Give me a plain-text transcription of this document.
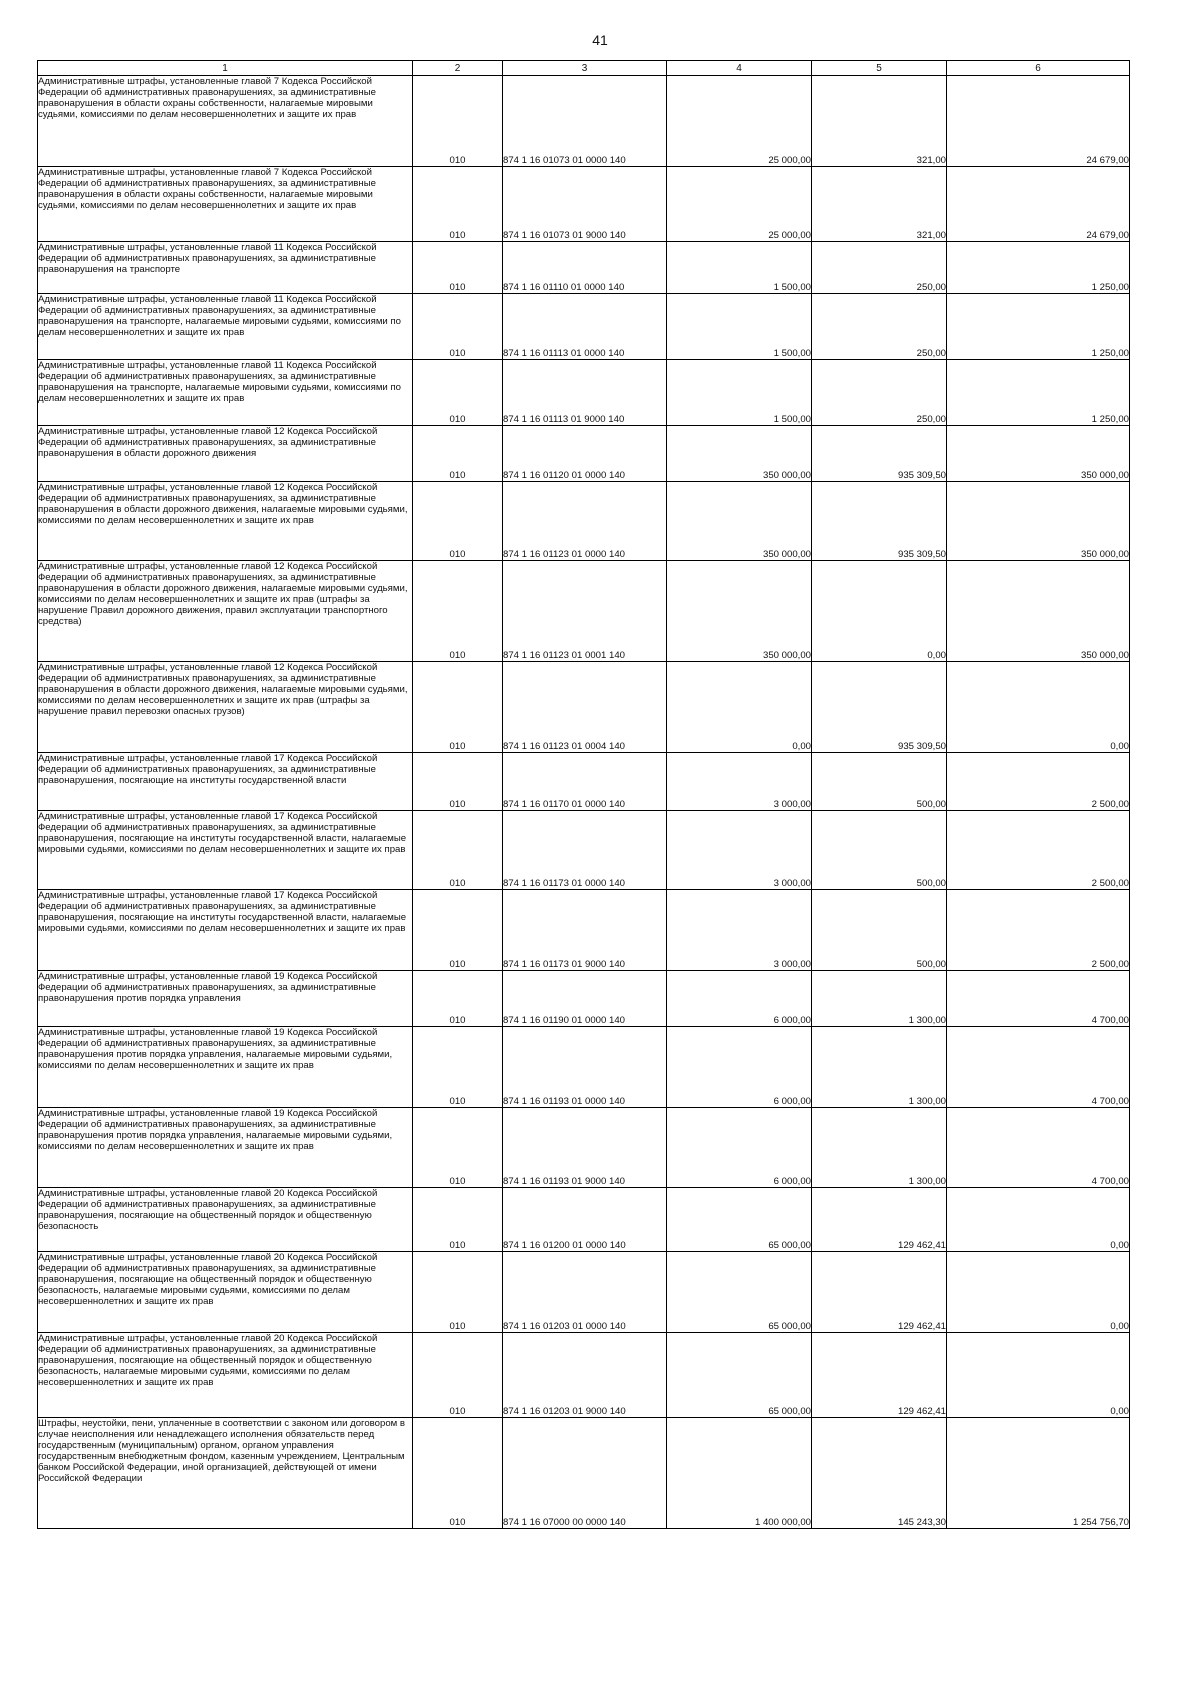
41
1	2	3	4	5	6
Административные штрафы, установленные главой 7 Кодекса Российской Федерации об административных правонарушениях, за административные правонарушения в области охраны собственности, налагаемые мировыми судьями, комиссиями по делам несовершеннолетних и защите их прав	010	874 1 16 01073 01 0000 140	25 000,00	321,00	24 679,00
Административные штрафы, установленные главой 7 Кодекса Российской Федерации об административных правонарушениях, за административные правонарушения в области охраны собственности, налагаемые мировыми судьями, комиссиями по делам несовершеннолетних и защите их прав	010	874 1 16 01073 01 9000 140	25 000,00	321,00	24 679,00
Административные штрафы, установленные главой 11 Кодекса Российской Федерации об административных правонарушениях, за административные правонарушения на транспорте	010	874 1 16 01110 01 0000 140	1 500,00	250,00	1 250,00
Административные штрафы, установленные главой 11 Кодекса Российской Федерации об административных правонарушениях, за административные правонарушения на транспорте, налагаемые мировыми судьями, комиссиями по делам несовершеннолетних и защите их прав	010	874 1 16 01113 01 0000 140	1 500,00	250,00	1 250,00
Административные штрафы, установленные главой 11 Кодекса Российской Федерации об административных правонарушениях, за административные правонарушения на транспорте, налагаемые мировыми судьями, комиссиями по делам несовершеннолетних и защите их прав	010	874 1 16 01113 01 9000 140	1 500,00	250,00	1 250,00
Административные штрафы, установленные главой 12 Кодекса Российской Федерации об административных правонарушениях, за административные правонарушения в области дорожного движения	010	874 1 16 01120 01 0000 140	350 000,00	935 309,50	350 000,00
Административные штрафы, установленные главой 12 Кодекса Российской Федерации об административных правонарушениях, за административные правонарушения в области дорожного движения, налагаемые мировыми судьями, комиссиями по делам несовершеннолетних и защите их прав	010	874 1 16 01123 01 0000 140	350 000,00	935 309,50	350 000,00
Административные штрафы, установленные главой 12 Кодекса Российской Федерации об административных правонарушениях, за административные правонарушения в области дорожного движения, налагаемые мировыми судьями, комиссиями по делам несовершеннолетних и защите их прав (штрафы за нарушение Правил дорожного движения, правил эксплуатации транспортного средства)	010	874 1 16 01123 01 0001 140	350 000,00	0,00	350 000,00
Административные штрафы, установленные главой 12 Кодекса Российской Федерации об административных правонарушениях, за административные правонарушения в области дорожного движения, налагаемые мировыми судьями, комиссиями по делам несовершеннолетних и защите их прав (штрафы за нарушение правил перевозки опасных грузов)	010	874 1 16 01123 01 0004 140	0,00	935 309,50	0,00
Административные штрафы, установленные главой 17 Кодекса Российской Федерации об административных правонарушениях, за административные правонарушения, посягающие на институты государственной власти	010	874 1 16 01170 01 0000 140	3 000,00	500,00	2 500,00
Административные штрафы, установленные главой 17 Кодекса Российской Федерации об административных правонарушениях, за административные правонарушения, посягающие на институты государственной власти, налагаемые мировыми судьями, комиссиями по делам несовершеннолетних и защите их прав	010	874 1 16 01173 01 0000 140	3 000,00	500,00	2 500,00
Административные штрафы, установленные главой 17 Кодекса Российской Федерации об административных правонарушениях, за административные правонарушения, посягающие на институты государственной власти, налагаемые мировыми судьями, комиссиями по делам несовершеннолетних и защите их прав	010	874 1 16 01173 01 9000 140	3 000,00	500,00	2 500,00
Административные штрафы, установленные главой 19 Кодекса Российской Федерации об административных правонарушениях, за административные правонарушения против порядка управления	010	874 1 16 01190 01 0000 140	6 000,00	1 300,00	4 700,00
Административные штрафы, установленные главой 19 Кодекса Российской Федерации об административных правонарушениях, за административные правонарушения против порядка управления, налагаемые мировыми судьями, комиссиями по делам несовершеннолетних и защите их прав	010	874 1 16 01193 01 0000 140	6 000,00	1 300,00	4 700,00
Административные штрафы, установленные главой 19 Кодекса Российской Федерации об административных правонарушениях, за административные правонарушения против порядка управления, налагаемые мировыми судьями, комиссиями по делам несовершеннолетних и защите их прав	010	874 1 16 01193 01 9000 140	6 000,00	1 300,00	4 700,00
Административные штрафы, установленные главой 20 Кодекса Российской Федерации об административных правонарушениях, за административные правонарушения, посягающие на общественный порядок и общественную безопасность	010	874 1 16 01200 01 0000 140	65 000,00	129 462,41	0,00
Административные штрафы, установленные главой 20 Кодекса Российской Федерации об административных правонарушениях, за административные правонарушения, посягающие на общественный порядок и общественную безопасность, налагаемые мировыми судьями, комиссиями по делам несовершеннолетних и защите их прав	010	874 1 16 01203 01 0000 140	65 000,00	129 462,41	0,00
Административные штрафы, установленные главой 20 Кодекса Российской Федерации об административных правонарушениях, за административные правонарушения, посягающие на общественный порядок и общественную безопасность, налагаемые мировыми судьями, комиссиями по делам несовершеннолетних и защите их прав	010	874 1 16 01203 01 9000 140	65 000,00	129 462,41	0,00
Штрафы, неустойки, пени, уплаченные в соответствии с законом или договором в случае неисполнения или ненадлежащего исполнения обязательств перед государственным (муниципальным) органом, органом управления государственным внебюджетным фондом, казенным учреждением, Центральным банком Российской Федерации, иной организацией, действующей от имени Российской Федерации	010	874 1 16 07000 00 0000 140	1 400 000,00	145 243,30	1 254 756,70
